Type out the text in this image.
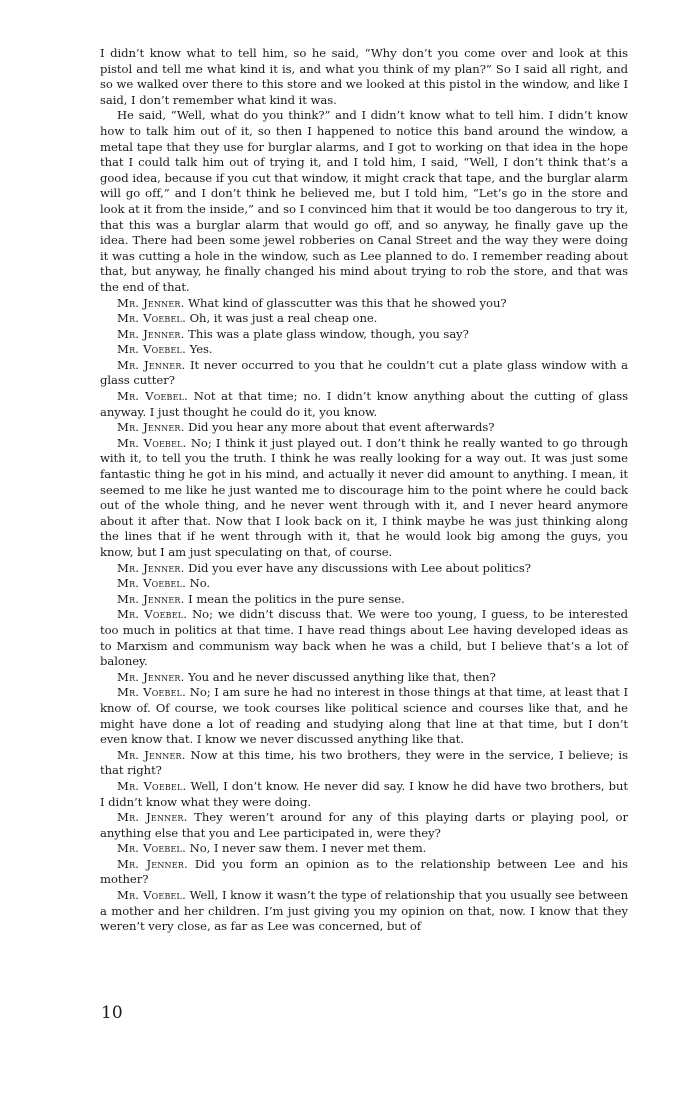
I didn’t know what to tell him, so he said, “Why don’t you come over and look at this pistol and tell me what kind it is, and what you think of my plan?” So I said all right, and so we walked over there to this store and we looked at this pistol in the window, and like I said, I don’t remember what kind it was.

He said, “Well, what do you think?” and I didn’t know what to tell him. I didn’t know how to talk him out of it, so then I happened to notice this band around the window, a metal tape that they use for burglar alarms, and I got to working on that idea in the hope that I could talk him out of trying it, and I told him, I said, “Well, I don’t think that’s a good idea, because if you cut that window, it might crack that tape, and the burglar alarm will go off,” and I don’t think he believed me, but I told him, “Let’s go in the store and look at it from the inside,” and so I convinced him that it would be too dangerous to try it, that this was a burglar alarm that would go off, and so anyway, he finally gave up the idea. There had been some jewel robberies on Canal Street and the way they were doing it was cutting a hole in the window, such as Lee planned to do. I remember reading about that, but anyway, he finally changed his mind about trying to rob the store, and that was the end of that.

Mr. Jenner. What kind of glasscutter was this that he showed you?

Mr. Voebel. Oh, it was just a real cheap one.

Mr. Jenner. This was a plate glass window, though, you say?

Mr. Voebel. Yes.

Mr. Jenner. It never occurred to you that he couldn’t cut a plate glass window with a glass cutter?

Mr. Voebel. Not at that time; no. I didn’t know anything about the cutting of glass anyway. I just thought he could do it, you know.

Mr. Jenner. Did you hear any more about that event afterwards?

Mr. Voebel. No; I think it just played out. I don’t think he really wanted to go through with it, to tell you the truth. I think he was really looking for a way out. It was just some fantastic thing he got in his mind, and actually it never did amount to anything. I mean, it seemed to me like he just wanted me to discourage him to the point where he could back out of the whole thing, and he never went through with it, and I never heard anymore about it after that. Now that I look back on it, I think maybe he was just thinking along the lines that if he went through with it, that he would look big among the guys, you know, but I am just speculating on that, of course.

Mr. Jenner. Did you ever have any discussions with Lee about politics?

Mr. Voebel. No.

Mr. Jenner. I mean the politics in the pure sense.

Mr. Voebel. No; we didn’t discuss that. We were too young, I guess, to be interested too much in politics at that time. I have read things about Lee having developed ideas as to Marxism and communism way back when he was a child, but I believe that’s a lot of baloney.

Mr. Jenner. You and he never discussed anything like that, then?

Mr. Voebel. No; I am sure he had no interest in those things at that time, at least that I know of. Of course, we took courses like political science and courses like that, and he might have done a lot of reading and studying along that line at that time, but I don’t even know that. I know we never discussed anything like that.

Mr. Jenner. Now at this time, his two brothers, they were in the service, I believe; is that right?

Mr. Voebel. Well, I don’t know. He never did say. I know he did have two brothers, but I didn’t know what they were doing.

Mr. Jenner. They weren’t around for any of this playing darts or playing pool, or anything else that you and Lee participated in, were they?

Mr. Voebel. No, I never saw them. I never met them.

Mr. Jenner. Did you form an opinion as to the relationship between Lee and his mother?

Mr. Voebel. Well, I know it wasn’t the type of relationship that you usually see between a mother and her children. I’m just giving you my opinion on that, now. I know that they weren’t very close, as far as Lee was concerned, but of

10
